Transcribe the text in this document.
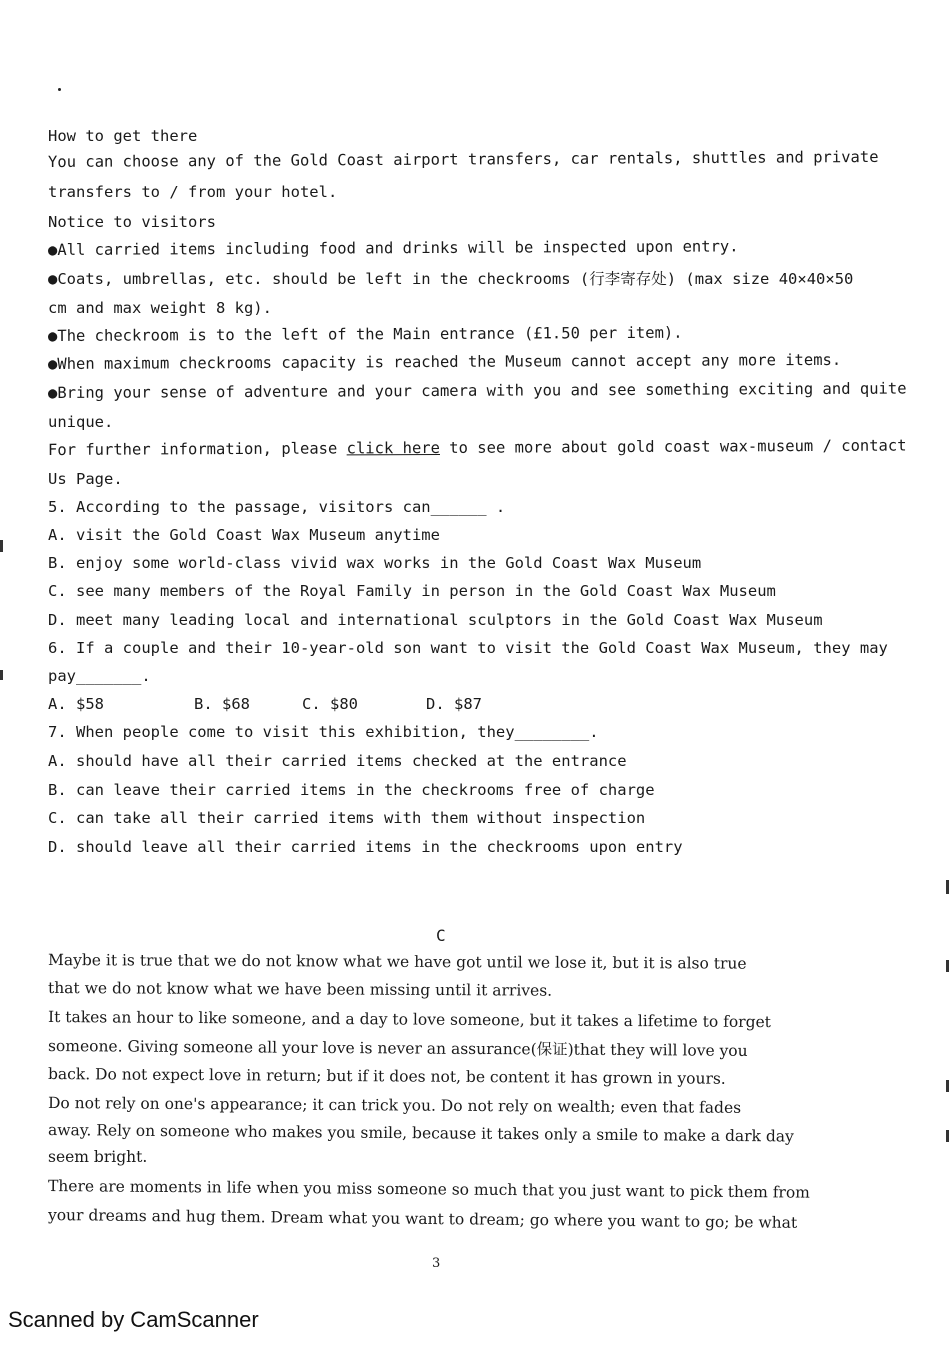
How to get there
You can choose any of the Gold Coast airport transfers, car rentals, shuttles and private
transfers to / from your hotel.
Notice to visitors
●All carried items including food and drinks will be inspected upon entry.
●Coats, umbrellas, etc. should be left in the checkrooms (行李寄存处) (max size 40×40×50
cm and max weight 8 kg).
●The checkroom is to the left of the Main entrance (£1.50 per item).
●When maximum checkrooms capacity is reached the Museum cannot accept any more items.
●Bring your sense of adventure and your camera with you and see something exciting and quite
unique.
For further information, please click here to see more about gold coast wax-museum / contact
Us Page.
5. According to the passage, visitors can______ .
A. visit the Gold Coast Wax Museum anytime
B. enjoy some world-class vivid wax works in the Gold Coast Wax Museum
C. see many members of the Royal Family in person in the Gold Coast Wax Museum
D. meet many leading local and international sculptors in the Gold Coast Wax Museum
6. If a couple and their 10-year-old son want to visit the Gold Coast Wax Museum, they may
pay_______.
A. $58	B. $68	C. $80	D. $87
7. When people come to visit this exhibition, they________.
A. should have all their carried items checked at the entrance
B. can leave their carried items in the checkrooms free of charge
C. can take all their carried items with them without inspection
D. should leave all their carried items in the checkrooms upon entry
C
Maybe it is true that we do not know what we have got until we lose it, but it is also true
that we do not know what we have been missing until it arrives.
It takes an hour to like someone, and a day to love someone, but it takes a lifetime to forget
someone. Giving someone all your love is never an assurance(保证)that they will love you
back. Do not expect love in return; but if it does not, be content it has grown in yours.
Do not rely on one's appearance; it can trick you. Do not rely on wealth; even that fades
away. Rely on someone who makes you smile, because it takes only a smile to make a dark day
seem bright.
There are moments in life when you miss someone so much that you just want to pick them from
your dreams and hug them. Dream what you want to dream; go where you want to go; be what
3
Scanned by CamScanner
